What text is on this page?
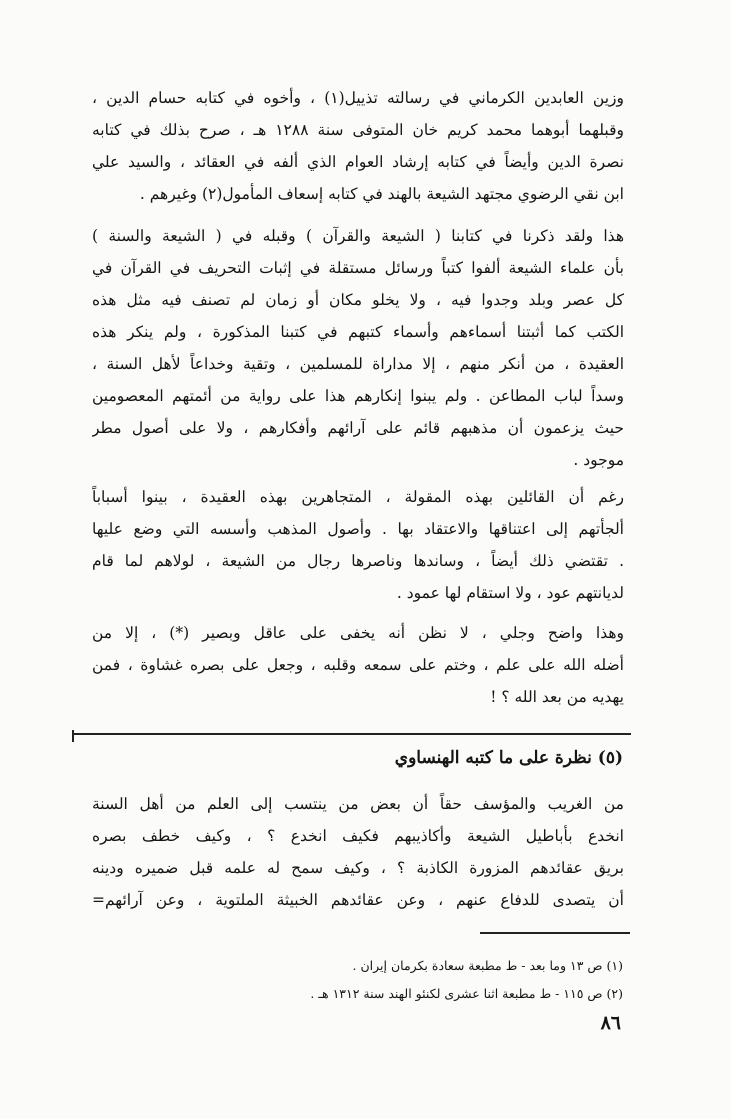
وزين العابدين الكرماني في رسالته تذييل(١) ، وأخوه في كتابه حسام الدين ،
وقبلهما أبوهما محمد كريم خان المتوفى سنة ١٢٨٨ هـ ، صرح بذلك في كتابه
نصرة الدين وأيضاً في كتابه إرشاد العوام الذي ألفه في العقائد ، والسيد علي
ابن نقي الرضوي مجتهد الشيعة بالهند في كتابه إسعاف المأمول(٢) وغيرهم .
هذا ولقد ذكرنا في كتابنا ( الشيعة والقرآن ) وقبله في ( الشيعة والسنة )
بأن علماء الشيعة ألفوا كتباً ورسائل مستقلة في إثبات التحريف في القرآن في
كل عصر وبلد وجدوا فيه ، ولا يخلو مكان أو زمان لم تصنف فيه مثل هذه
الكتب كما أثبتنا أسماءهم وأسماء كتبهم في كتبنا المذكورة ، ولم ينكر هذه
العقيدة ، من أنكر منهم ، إلا مداراة للمسلمين ، وتقية وخداعاً لأهل السنة ،
وسداً لباب المطاعن . ولم يبنوا إنكارهم هذا على رواية من أئمتهم المعصومين
حيث يزعمون أن مذهبهم قائم على آرائهم وأفكارهم ، ولا على أصول مطر
موجود .
رغم أن القائلين بهذه المقولة ، المتجاهرين بهذه العقيدة ، بينوا أسباباً
ألجأتهم إلى اعتناقها والاعتقاد بها . وأصول المذهب وأسسه التي وضع عليها
. تقتضي ذلك أيضاً ، وساندها وناصرها رجال من الشيعة ، لولاهم لما قام
لديانتهم عود ، ولا استقام لها عمود .
وهذا واضح وجلي ، لا نظن أنه يخفى على عاقل وبصير (*) ، إلا من
أضله الله على علم ، وختم على سمعه وقلبه ، وجعل على بصره غشاوة ، فمن
يهديه من بعد الله ؟ !
(٥) نظرة على ما كتبه الهنساوي
من الغريب والمؤسف حقاً أن بعض من ينتسب إلى العلم من أهل السنة
انخدع بأباطيل الشيعة وأكاذيبهم فكيف انخدع ؟ ، وكيف خطف بصره
بريق عقائدهم المزورة الكاذبة ؟ ، وكيف سمح له علمه قبل ضميره ودينه
أن يتصدى للدفاع عنهم ، وعن عقائدهم الخبيثة الملتوية ، وعن آرائهم=
(١) ص ١٣ وما بعد - ط مطبعة سعادة بكرمان إيران .
(٢) ص ١١٥ - ط مطبعة اثنا عشرى لكنئو الهند سنة ١٣١٢ هـ .
٨٦
